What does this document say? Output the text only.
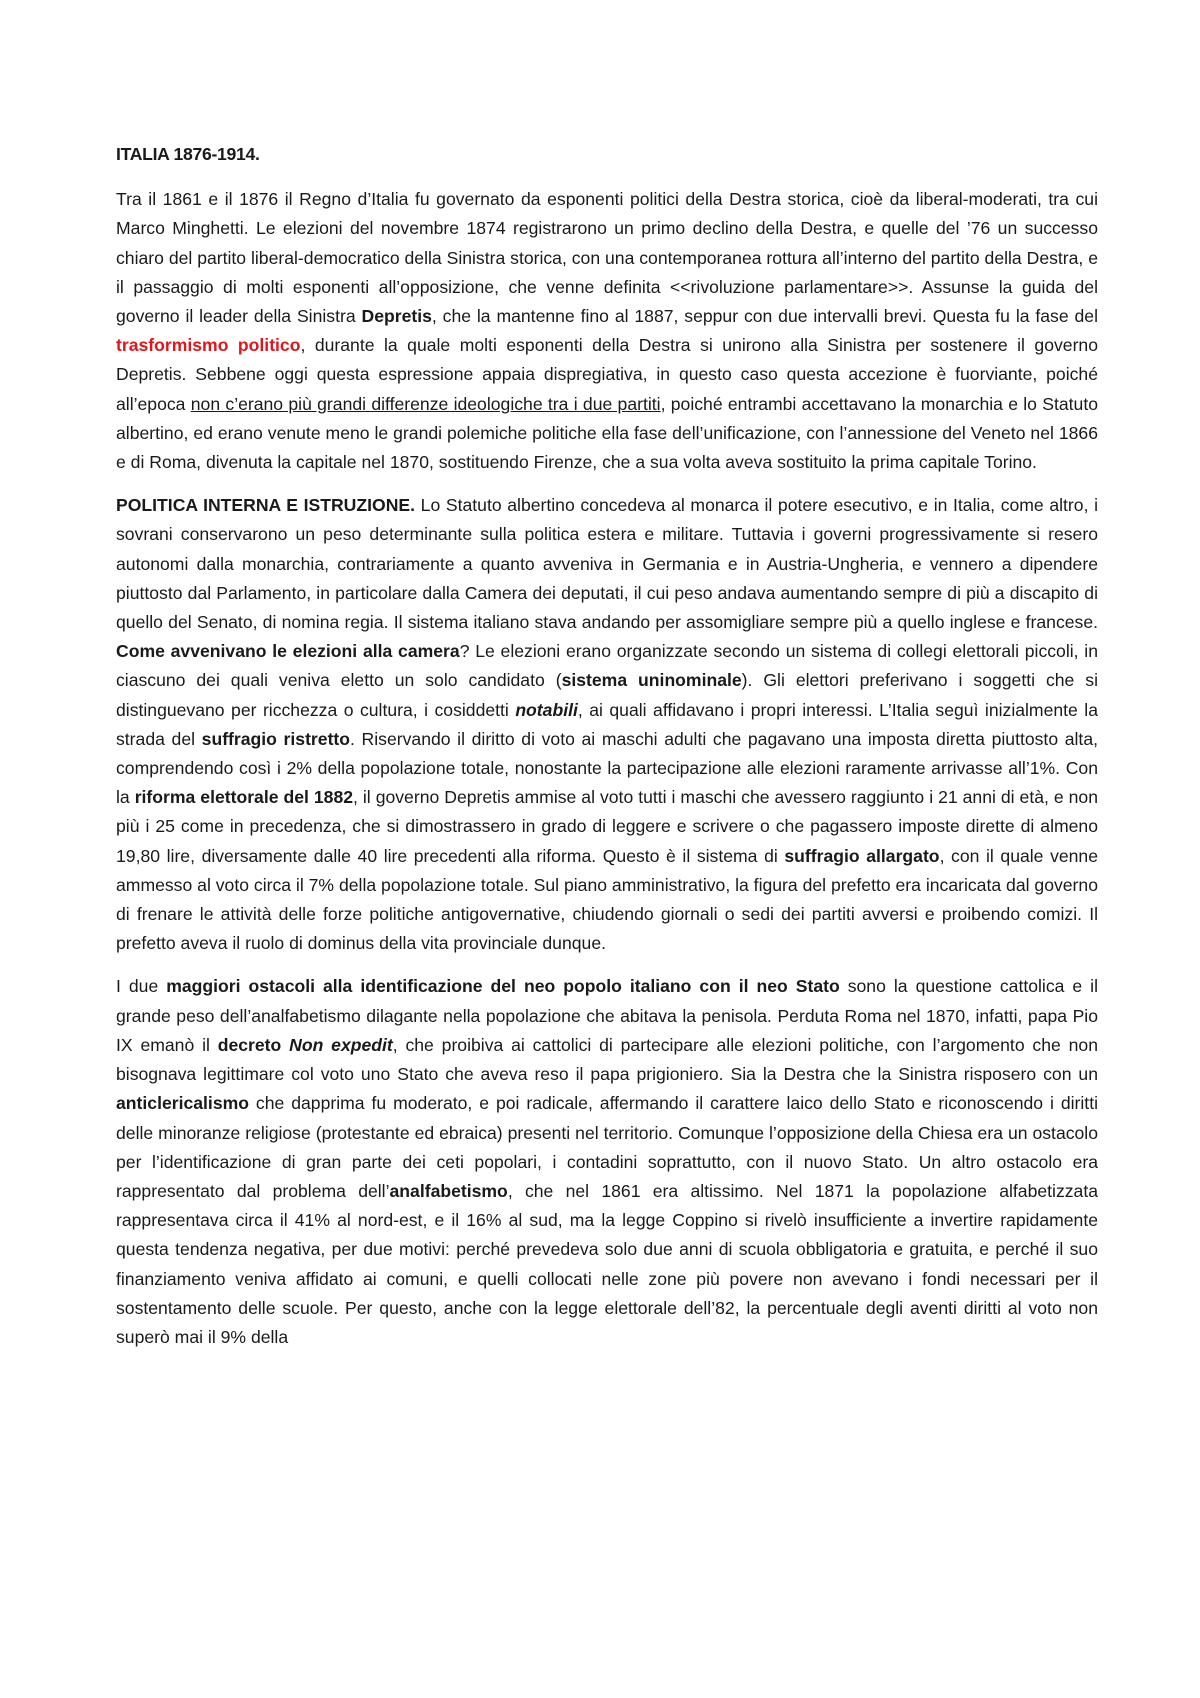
ITALIA 1876-1914.

Tra il 1861 e il 1876 il Regno d’Italia fu governato da esponenti politici della Destra storica, cioè da liberal-moderati, tra cui Marco Minghetti. Le elezioni del novembre 1874 registrarono un primo declino della Destra, e quelle del ’76 un successo chiaro del partito liberal-democratico della Sinistra storica, con una contemporanea rottura all’interno del partito della Destra, e il passaggio di molti esponenti all’opposizione, che venne definita <<rivoluzione parlamentare>>. Assunse la guida del governo il leader della Sinistra Depretis, che la mantenne fino al 1887, seppur con due intervalli brevi. Questa fu la fase del trasformismo politico, durante la quale molti esponenti della Destra si unirono alla Sinistra per sostenere il governo Depretis. Sebbene oggi questa espressione appaia dispregiativa, in questo caso questa accezione è fuorviante, poiché all’epoca non c’erano più grandi differenze ideologiche tra i due partiti, poiché entrambi accettavano la monarchia e lo Statuto albertino, ed erano venute meno le grandi polemiche politiche ella fase dell’unificazione, con l’annessione del Veneto nel 1866 e di Roma, divenuta la capitale nel 1870, sostituendo Firenze, che a sua volta aveva sostituito la prima capitale Torino.

POLITICA INTERNA E ISTRUZIONE. Lo Statuto albertino concedeva al monarca il potere esecutivo, e in Italia, come altro, i sovrani conservarono un peso determinante sulla politica estera e militare. Tuttavia i governi progressivamente si resero autonomi dalla monarchia, contrariamente a quanto avveniva in Germania e in Austria-Ungheria, e vennero a dipendere piuttosto dal Parlamento, in particolare dalla Camera dei deputati, il cui peso andava aumentando sempre di più a discapito di quello del Senato, di nomina regia. Il sistema italiano stava andando per assomigliare sempre più a quello inglese e francese. Come avvenivano le elezioni alla camera? Le elezioni erano organizzate secondo un sistema di collegi elettorali piccoli, in ciascuno dei quali veniva eletto un solo candidato (sistema uninominale). Gli elettori preferivano i soggetti che si distinguevano per ricchezza o cultura, i cosiddetti notabili, ai quali affidavano i propri interessi. L’Italia seguì inizialmente la strada del suffragio ristretto. Riservando il diritto di voto ai maschi adulti che pagavano una imposta diretta piuttosto alta, comprendendo così i 2% della popolazione totale, nonostante la partecipazione alle elezioni raramente arrivasse all’1%. Con la riforma elettorale del 1882, il governo Depretis ammise al voto tutti i maschi che avessero raggiunto i 21 anni di età, e non più i 25 come in precedenza, che si dimostrassero in grado di leggere e scrivere o che pagassero imposte dirette di almeno 19,80 lire, diversamente dalle 40 lire precedenti alla riforma. Questo è il sistema di suffragio allargato, con il quale venne ammesso al voto circa il 7% della popolazione totale. Sul piano amministrativo, la figura del prefetto era incaricata dal governo di frenare le attività delle forze politiche antigovernative, chiudendo giornali o sedi dei partiti avversi e proibendo comizi. Il prefetto aveva il ruolo di dominus della vita provinciale dunque.

I due maggiori ostacoli alla identificazione del neo popolo italiano con il neo Stato sono la questione cattolica e il grande peso dell’analfabetismo dilagante nella popolazione che abitava la penisola. Perduta Roma nel 1870, infatti, papa Pio IX emanò il decreto Non expedit, che proibiva ai cattolici di partecipare alle elezioni politiche, con l’argomento che non bisognava legittimare col voto uno Stato che aveva reso il papa prigioniero. Sia la Destra che la Sinistra risposero con un anticlericalismo che dapprima fu moderato, e poi radicale, affermando il carattere laico dello Stato e riconoscendo i diritti delle minoranze religiose (protestante ed ebraica) presenti nel territorio. Comunque l’opposizione della Chiesa era un ostacolo per l’identificazione di gran parte dei ceti popolari, i contadini soprattutto, con il nuovo Stato. Un altro ostacolo era rappresentato dal problema dell’analfabetismo, che nel 1861 era altissimo. Nel 1871 la popolazione alfabetizzata rappresentava circa il 41% al nord-est, e il 16% al sud, ma la legge Coppino si rivelò insufficiente a invertire rapidamente questa tendenza negativa, per due motivi: perché prevedeva solo due anni di scuola obbligatoria e gratuita, e perché il suo finanziamento veniva affidato ai comuni, e quelli collocati nelle zone più povere non avevano i fondi necessari per il sostentamento delle scuole. Per questo, anche con la legge elettorale dell’82, la percentuale degli aventi diritti al voto non superò mai il 9% della
